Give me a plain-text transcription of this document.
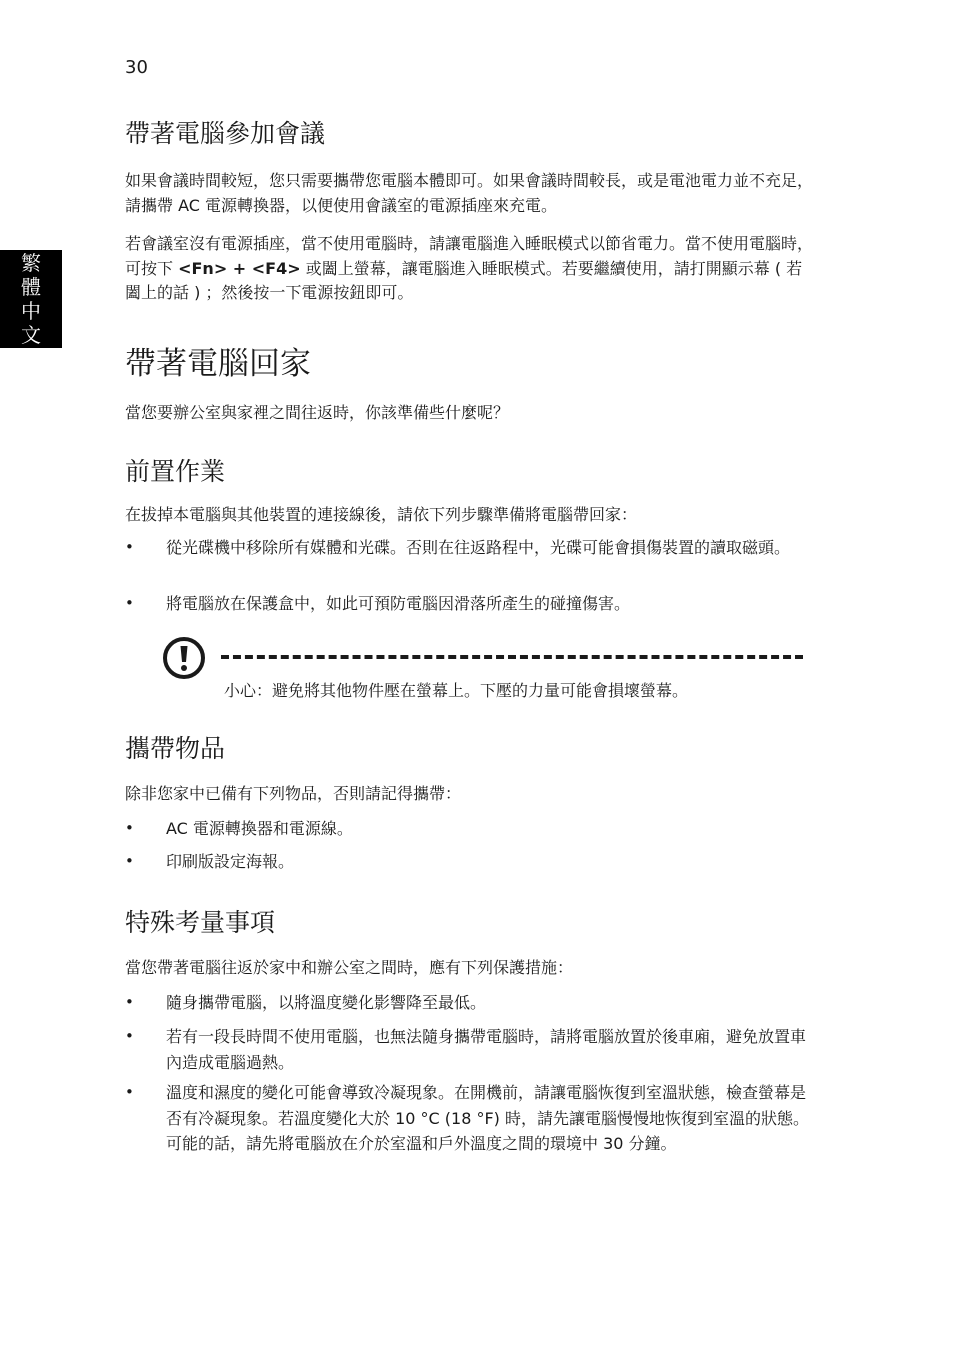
30
繁體中文
帶著電腦參加會議

如果會議時間較短，您只需要攜帶您電腦本體即可。如果會議時間較長，或是電池電力並不充足，請攜帶 AC 電源轉換器，以便使用會議室的電源插座來充電。

若會議室沒有電源插座，當不使用電腦時，請讓電腦進入睡眠模式以節省電力。當不使用電腦時，可按下 <Fn> + <F4> 或闔上螢幕，讓電腦進入睡眠模式。若要繼續使用，請打開顯示幕 ( 若闔上的話 ) ；然後按一下電源按鈕即可。

帶著電腦回家

當您要辦公室與家裡之間往返時，你該準備些什麼呢？

前置作業

在拔掉本電腦與其他裝置的連接線後，請依下列步驟準備將電腦帶回家：

• 從光碟機中移除所有媒體和光碟。否則在往返路程中，光碟可能會損傷裝置的讀取磁頭。
• 將電腦放在保護盒中，如此可預防電腦因滑落所產生的碰撞傷害。
小心：避免將其他物件壓在螢幕上。下壓的力量可能會損壞螢幕。
攜帶物品

除非您家中已備有下列物品，否則請記得攜帶：

• AC 電源轉換器和電源線。
• 印刷版設定海報。
特殊考量事項

當您帶著電腦往返於家中和辦公室之間時，應有下列保護措施：

• 隨身攜帶電腦，以將溫度變化影響降至最低。
• 若有一段長時間不使用電腦，也無法隨身攜帶電腦時，請將電腦放置於後車廂，避免放置車內造成電腦過熱。
• 溫度和濕度的變化可能會導致冷凝現象。在開機前，請讓電腦恢復到室溫狀態，檢查螢幕是否有冷凝現象。若溫度變化大於 10 °C (18 °F) 時，請先讓電腦慢慢地恢復到室溫的狀態。可能的話，請先將電腦放在介於室溫和戶外溫度之間的環境中 30 分鐘。
